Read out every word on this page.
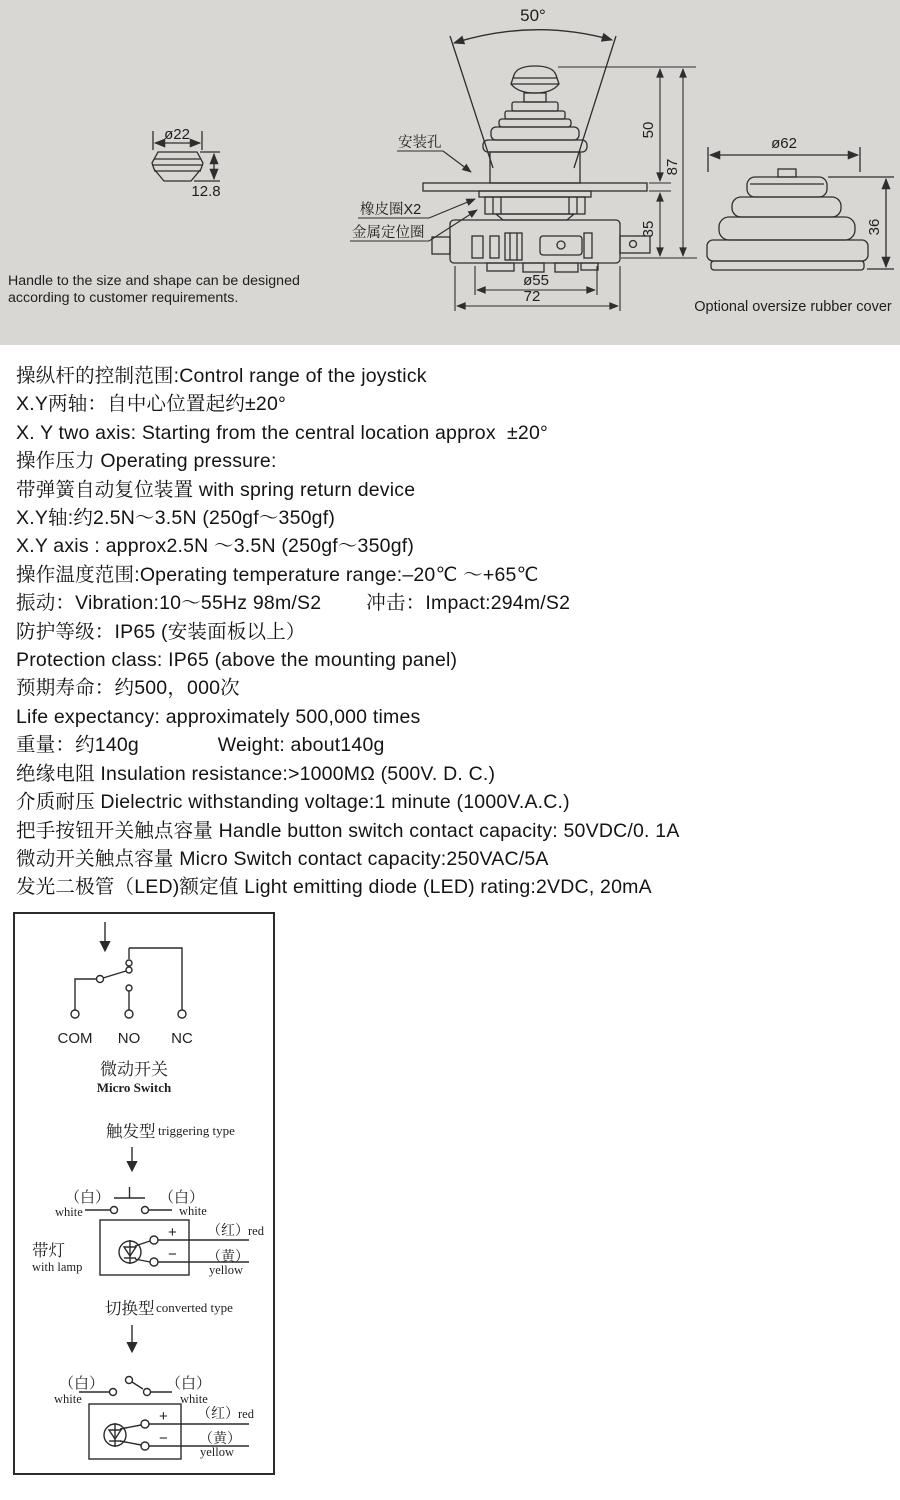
ø22
12.8
Handle to the size and shape can be designed
according to customer requirements.
50°
50
87
35
ø55
72
安装孔
橡皮圈X2
金属定位圈
ø62
36
Optional oversize rubber cover
操纵杆的控制范围:Control range of the joystick
X.Y两轴：自中心位置起约±20°
X. Y two axis: Starting from the central location approx  ±20°
操作压力 Operating pressure:
带弹簧自动复位装置 with spring return device
X.Y轴:约2.5N～3.5N (250gf～350gf)
X.Y axis : approx2.5N ～3.5N (250gf～350gf)
操作温度范围:Operating temperature range:–20℃ ～+65℃
振动：Vibration:10～55Hz 98m/S2　　 冲击：Impact:294m/S2
防护等级：IP65 (安装面板以上）
Protection class: IP65 (above the mounting panel)
预期寿命：约500，000次
Life expectancy: approximately 500,000 times
重量：约140g　　　　Weight: about140g
绝缘电阻 Insulation resistance:>1000MΩ (500V. D. C.)
介质耐压 Dielectric withstanding voltage:1 minute (1000V.A.C.)
把手按钮开关触点容量 Handle button switch contact capacity: 50VDC/0. 1A
微动开关触点容量 Micro Switch contact capacity:250VAC/5A
发光二极管（LED)额定值 Light emitting diode (LED) rating:2VDC, 20mA
COM NO NC
微动开关
Micro Switch
触发型 triggering type
（白）
white
（白）
white
带灯
with lamp
+
−
（红） red
（黄）
yellow
切换型 converted type
（白）
white
（白）
white
+
−
（红） red
（黄）
yellow
